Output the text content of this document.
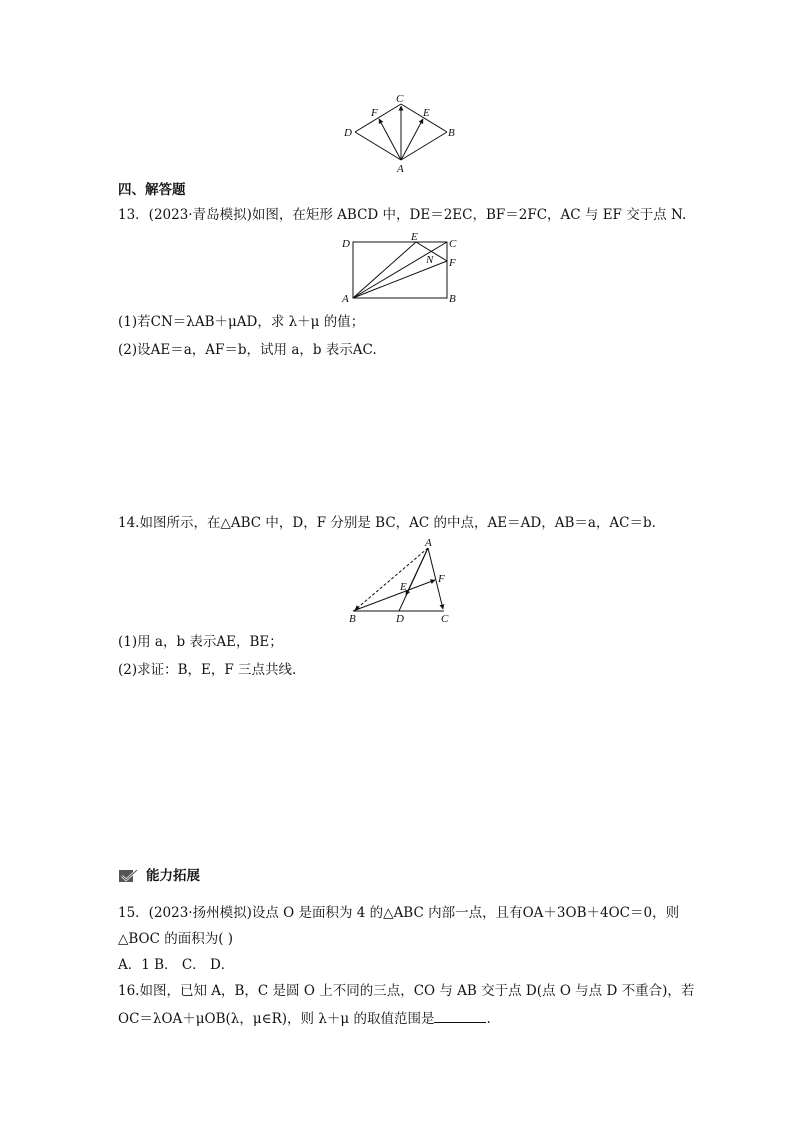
C
F	E
D	B
A
四、解答题
13．(2023·青岛模拟)如图，在矩形 ABCD 中，DE＝2EC，BF＝2FC，AC 与 EF 交于点 N.
D
E
C
N F
A	B
(1)若CN＝λAB＋μAD，求 λ＋μ 的值；
(2)设AE＝a，AF＝b，试用 a，b 表示AC.
14.如图所示，在△ABC 中，D，F 分别是 BC，AC 的中点，AE＝AD，AB＝a，AC＝b.
A
E
F
B	D	C
(1)用 a，b 表示AE，BE；
(2)求证：B，E，F 三点共线.
能力拓展
15．(2023·扬州模拟)设点 O 是面积为 4 的△ABC 内部一点，且有OA＋3OB＋4OC＝0，则
△BOC 的面积为( )
A．1 B． C． D．
16.如图，已知 A，B，C 是圆 O 上不同的三点，CO 与 AB 交于点 D(点 O 与点 D 不重合)，若
OC＝λOA＋μOB(λ，μ∈R)，则 λ＋μ 的取值范围是	.
